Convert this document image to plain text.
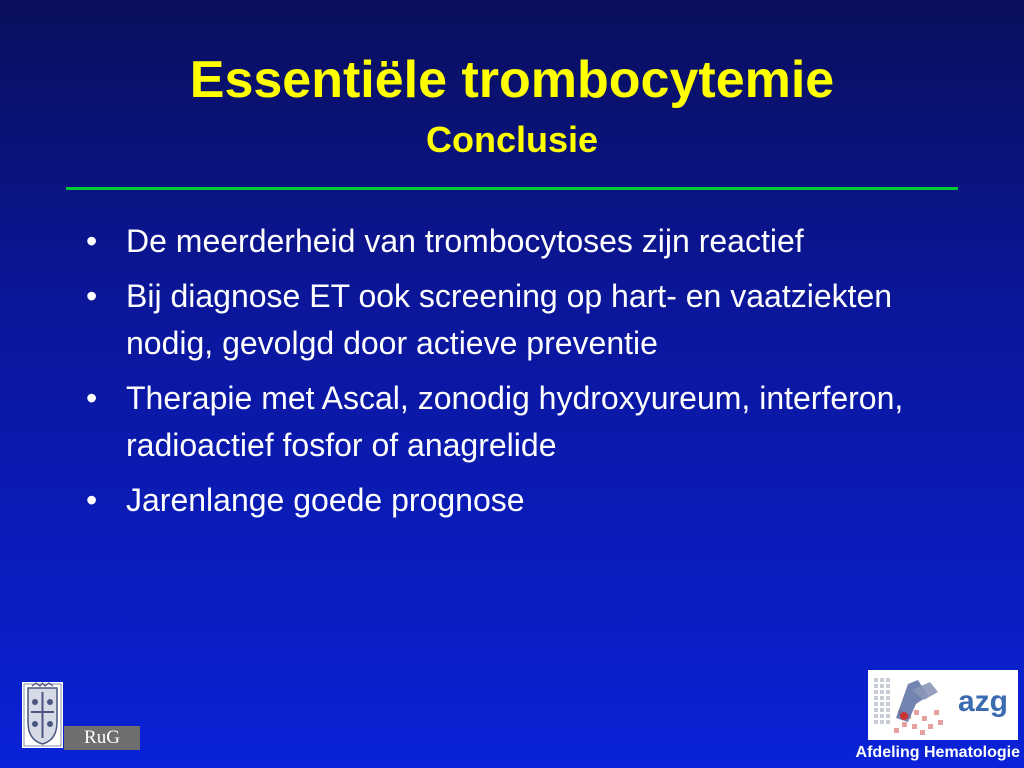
Essentiële trombocytemie
Conclusie
• De meerderheid van trombocytoses zijn reactief
• Bij diagnose ET ook screening op hart- en vaatziekten nodig, gevolgd door actieve preventie
• Therapie met Ascal, zonodig hydroxyureum, interferon, radioactief fosfor of anagrelide
• Jarenlange goede prognose
RuG
azg
Afdeling Hematologie
